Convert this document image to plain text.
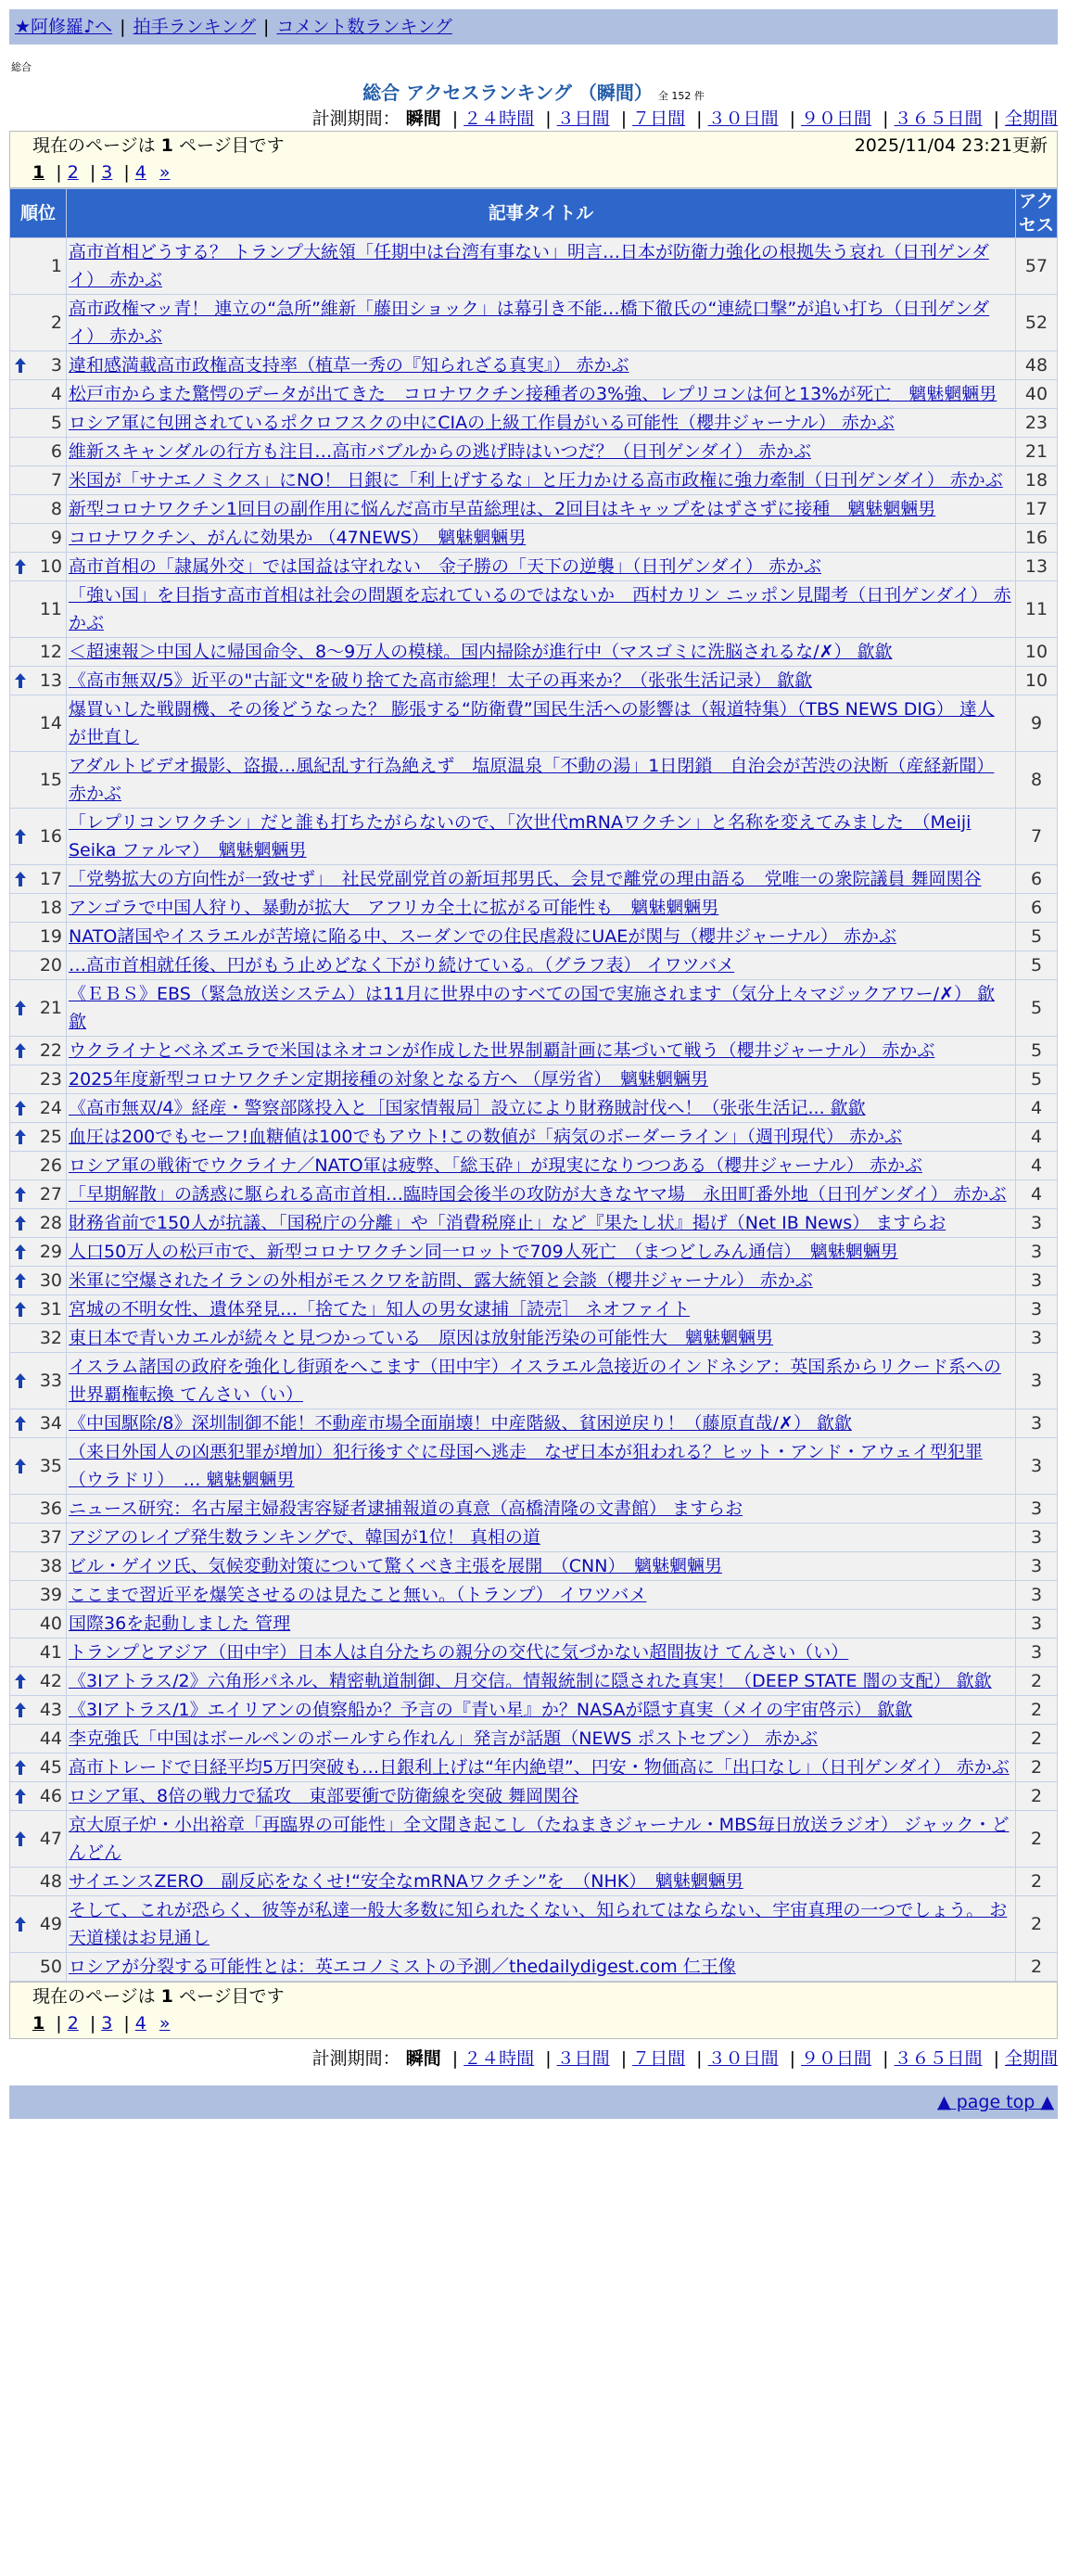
★阿修羅♪へ | 拍手ランキング | コメント数ランキング
総合
総合 アクセスランキング （瞬間） 全 152 件
計測期間： 瞬間 | ２４時間 | ３日間 | ７日間 | ３０日間 | ９０日間 | ３６５日間 | 全期間
現在のページは 1 ページ目です	2025/11/04 23:21更新
1 | 2 | 3 | 4 »
順位	記事タイトル	アクセス
1	高市首相どうする？ トランプ大統領「任期中は台湾有事ない」明言…日本が防衛力強化の根拠失う哀れ（日刊ゲンダイ） 赤かぶ	57
2	高市政権マッ青！ 連立の“急所”維新「藤田ショック」は幕引き不能…橋下徹氏の“連続口撃”が追い打ち（日刊ゲンダイ） 赤かぶ	52

3	違和感満載高市政権高支持率（植草一秀の『知られざる真実』） 赤かぶ	48
4	松戸市からまた驚愕のデータが出てきた　コロナワクチン接種者の3%強、レプリコンは何と13%が死亡　魑魅魍魎男	40
5	ロシア軍に包囲されているポクロフスクの中にCIAの上級工作員がいる可能性（櫻井ジャーナル） 赤かぶ	23
6	維新スキャンダルの行方も注目…高市バブルからの逃げ時はいつだ？（日刊ゲンダイ） 赤かぶ	21
7	米国が「サナエノミクス」にNO！ 日銀に「利上げするな」と圧力かける高市政権に強力牽制（日刊ゲンダイ） 赤かぶ	18
8	新型コロナワクチン1回目の副作用に悩んだ高市早苗総理は、2回目はキャップをはずさずに接種　魑魅魍魎男	17
9	コロナワクチン、がんに効果か （47NEWS）　魑魅魍魎男	16

10	高市首相の「隷属外交」では国益は守れない　金子勝の「天下の逆襲」（日刊ゲンダイ） 赤かぶ	13
11	「強い国」を目指す高市首相は社会の問題を忘れているのではないか　西村カリン ニッポン見聞考（日刊ゲンダイ） 赤かぶ	11
12	＜超速報＞中国人に帰国命令、8〜9万人の模様。国内掃除が進行中（マスゴミに洗脳されるな/✗） 歙歙	10

13	《高市無双/5》近平の"古証文"を破り捨てた高市総理！太子の再来か？（张张生活记录） 歙歙	10
14	爆買いした戦闘機、その後どうなった？ 膨張する“防衛費”国民生活への影響は（報道特集）（TBS NEWS DIG） 達人が世直し	9
15	アダルトビデオ撮影、盗撮…風紀乱す行為絶えず　塩原温泉「不動の湯」1日閉鎖　自治会が苦渋の決断（産経新聞） 赤かぶ	8

16	「レプリコンワクチン」だと誰も打ちたがらないので、「次世代mRNAワクチン」と名称を変えてみました　（Meiji Seika ファルマ）　魑魅魍魎男	7

17	「党勢拡大の方向性が一致せず」　社民党副党首の新垣邦男氏、会見で離党の理由語る　党唯一の衆院議員 舞岡関谷	6
18	アンゴラで中国人狩り、暴動が拡大　アフリカ全土に拡がる可能性も　魑魅魍魎男	6
19	NATO諸国やイスラエルが苦境に陥る中、スーダンでの住民虐殺にUAEが関与（櫻井ジャーナル） 赤かぶ	5
20	…高市首相就任後、円がもう止めどなく下がり続けている。（グラフ表） イワツバメ	5

21	《ＥＢＳ》EBS（緊急放送システム）は11月に世界中のすべての国で実施されます（気分上々マジックアワー/✗） 歙歙	5

22	ウクライナとベネズエラで米国はネオコンが作成した世界制覇計画に基づいて戦う（櫻井ジャーナル） 赤かぶ	5
23	2025年度新型コロナワクチン定期接種の対象となる方へ （厚労省）　魑魅魍魎男	5

24	《高市無双/4》経産・警察部隊投入と［国家情報局］設立により財務賊討伐へ！（张张生活记... 歙歙	4

25	血圧は200でもセーフ!血糖値は100でもアウト!この数値が「病気のボーダーライン」（週刊現代） 赤かぶ	4
26	ロシア軍の戦術でウクライナ／NATO軍は疲弊、「総玉砕」が現実になりつつある（櫻井ジャーナル） 赤かぶ	4

27	「早期解散」の誘惑に駆られる高市首相…臨時国会後半の攻防が大きなヤマ場　永田町番外地（日刊ゲンダイ） 赤かぶ	4

28	財務省前で150人が抗議、「国税庁の分離」や「消費税廃止」など『果たし状』掲げ（Net IB News） ますらお	3

29	人口50万人の松戸市で、新型コロナワクチン同一ロットで709人死亡　（まつどしみん通信）　魑魅魍魎男	3

30	米軍に空爆されたイランの外相がモスクワを訪問、露大統領と会談（櫻井ジャーナル） 赤かぶ	3

31	宮城の不明女性、遺体発見…「捨てた」知人の男女逮捕［読売］ ネオファイト	3
32	東日本で青いカエルが続々と見つかっている　原因は放射能汚染の可能性大　魑魅魍魎男	3

33	イスラム諸国の政府を強化し街頭をへこます（田中宇）イスラエル急接近のインドネシア：英国系からリクード系への世界覇権転換 てんさい（い）	3

34	《中国駆除/8》深圳制御不能！不動産市場全面崩壊！中産階級、貧困逆戻り！（藤原直哉/✗） 歙歙	3

35	（来日外国人の凶悪犯罪が増加）犯行後すぐに母国へ逃走　なぜ日本が狙われる？ヒット・アンド・アウェイ型犯罪（ウラドリ）　… 魑魅魍魎男	3
36	ニュース研究：名古屋主婦殺害容疑者逮捕報道の真意（高橋清隆の文書館） ますらお	3
37	アジアのレイプ発生数ランキングで、韓国が1位！ 真相の道	3
38	ビル・ゲイツ氏、気候変動対策について驚くべき主張を展開　（CNN）　魑魅魍魎男	3
39	ここまで習近平を爆笑させるのは見たこと無い。（トランプ） イワツバメ	3
40	国際36を起動しました 管理	3
41	トランプとアジア（田中宇）日本人は自分たちの親分の交代に気づかない超間抜け てんさい（い）	3

42	《3Iアトラス/2》六角形パネル、精密軌道制御、月交信。情報統制に隠された真実！（DEEP STATE 闇の支配） 歙歙	2

43	《3Iアトラス/1》エイリアンの偵察船か？予言の『青い星』か？NASAが隠す真実（メイの宇宙啓示） 歙歙	2
44	李克強氏「中国はボールペンのボールすら作れん」発言が話題（NEWS ポストセブン） 赤かぶ	2

45	高市トレードで日経平均5万円突破も…日銀利上げは“年内絶望”、円安・物価高に「出口なし」（日刊ゲンダイ） 赤かぶ	2

46	ロシア軍、8倍の戦力で猛攻　東部要衝で防衛線を突破 舞岡関谷	2

47	京大原子炉・小出裕章「再臨界の可能性」全文聞き起こし（たねまきジャーナル・MBS毎日放送ラジオ） ジャック・どんどん	2
48	サイエンスZERO　副反応をなくせ!“安全なmRNAワクチン”を　（NHK）　魑魅魍魎男	2

49	そして、これが恐らく、彼等が私達一般大多数に知られたくない、知られてはならない、宇宙真理の一つでしょう。 お天道様はお見通し	2
50	ロシアが分裂する可能性とは：英エコノミストの予測／thedailydigest.com 仁王像	2
現在のページは 1 ページ目です
1 | 2 | 3 | 4 »
計測期間： 瞬間 | ２４時間 | ３日間 | ７日間 | ３０日間 | ９０日間 | ３６５日間 | 全期間
▲ page top ▲
